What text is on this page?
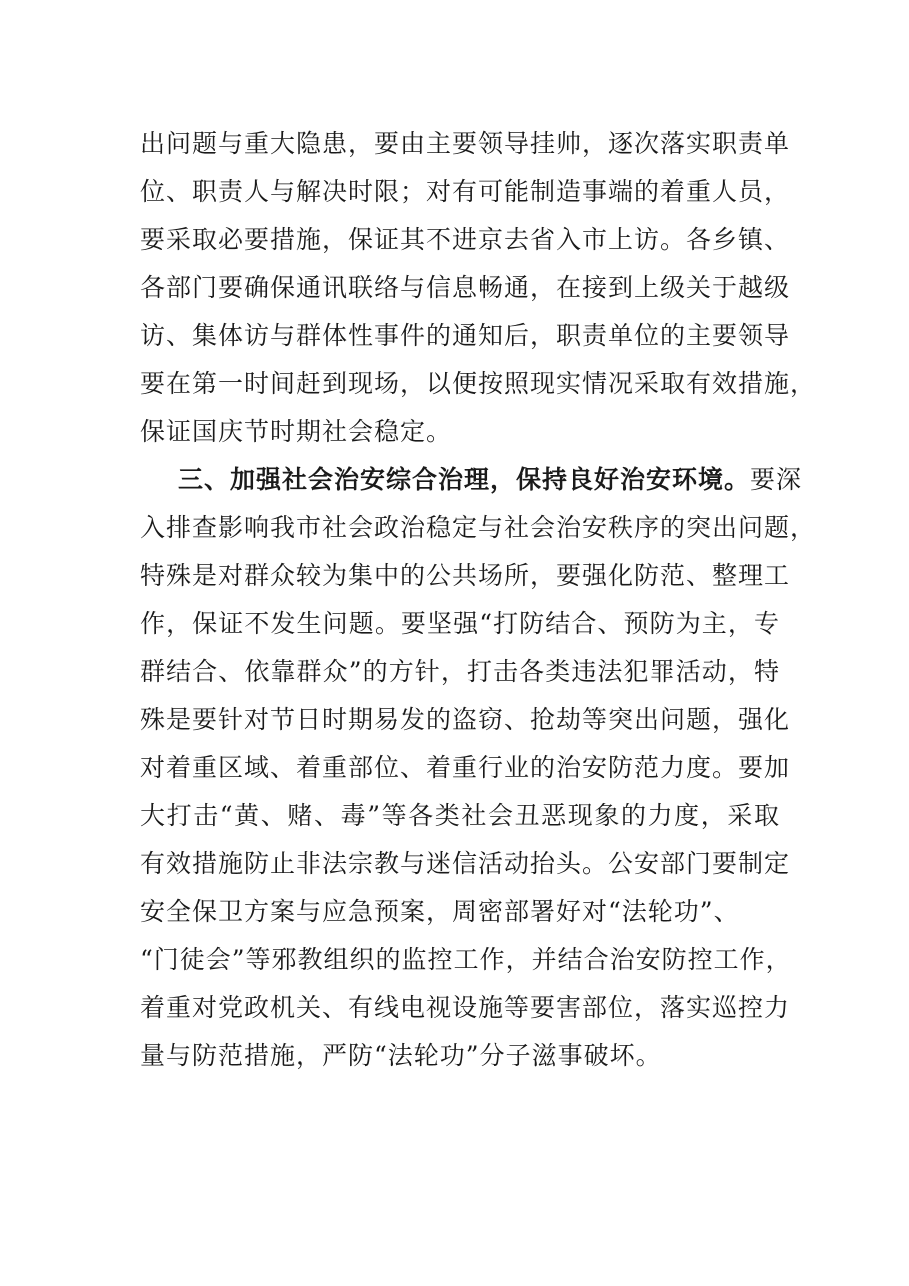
出问题与重大隐患，要由主要领导挂帅，逐次落实职责单
位、职责人与解决时限；对有可能制造事端的着重人员，
要采取必要措施，保证其不进京去省入市上访。各乡镇、
各部门要确保通讯联络与信息畅通，在接到上级关于越级
访、集体访与群体性事件的通知后，职责单位的主要领导
要在第一时间赶到现场，以便按照现实情况采取有效措施，
保证国庆节时期社会稳定。
三、加强社会治安综合治理，保持良好治安环境。要深
入排查影响我市社会政治稳定与社会治安秩序的突出问题，
特殊是对群众较为集中的公共场所，要强化防范、整理工
作，保证不发生问题。要坚强“打防结合、预防为主，专
群结合、依靠群众”的方针，打击各类违法犯罪活动，特
殊是要针对节日时期易发的盗窃、抢劫等突出问题，强化
对着重区域、着重部位、着重行业的治安防范力度。要加
大打击“黄、赌、毒”等各类社会丑恶现象的力度，采取
有效措施防止非法宗教与迷信活动抬头。公安部门要制定
安全保卫方案与应急预案，周密部署好对“法轮功”、
“门徒会”等邪教组织的监控工作，并结合治安防控工作，
着重对党政机关、有线电视设施等要害部位，落实巡控力
量与防范措施，严防“法轮功”分子滋事破坏。
